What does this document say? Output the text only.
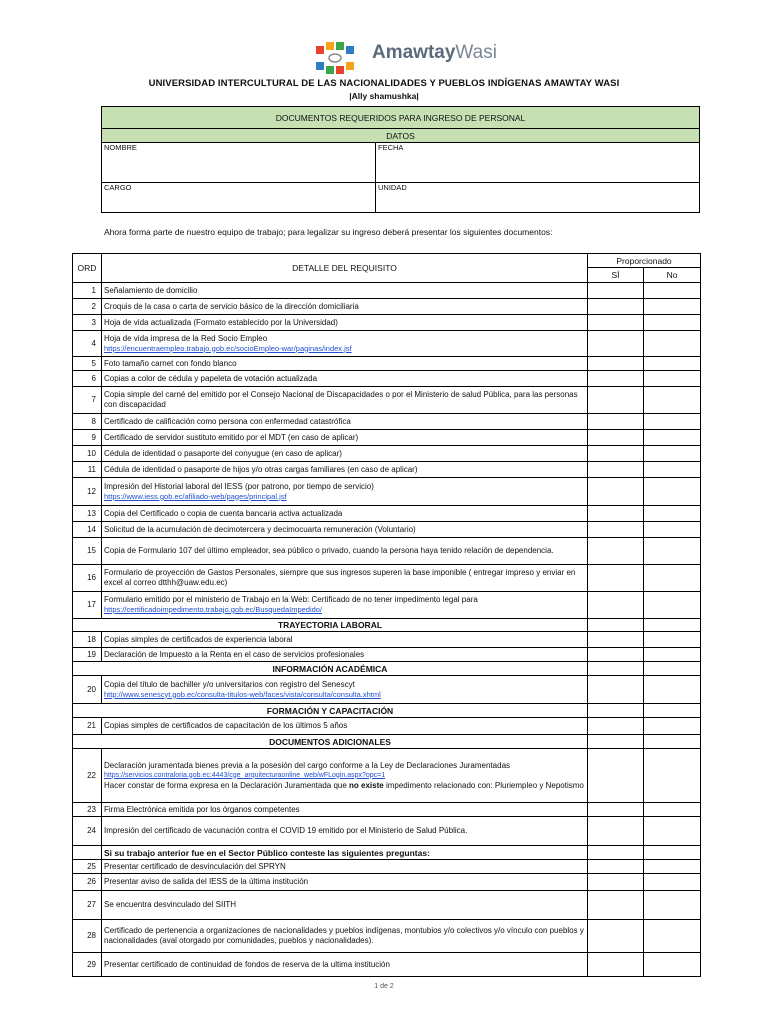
AmawtayWasi
UNIVERSIDAD INTERCULTURAL DE LAS NACIONALIDADES Y PUEBLOS INDÍGENAS AMAWTAY WASI
|Ally shamushka|
DOCUMENTOS REQUERIDOS PARA INGRESO DE PERSONAL	
DATOS	
NOMBRE	FECHA
CARGO	UNIDAD
Ahora forma parte de nuestro equipo de trabajo; para legalizar su ingreso deberá presentar los siguientes documentos:
ORD	DETALLE DEL REQUISITO	Proporcionado	
		SÍ	No
1	Señalamiento de domicilio		
2	Croquis de la casa o carta de servicio básico de la dirección domiciliaria		
3	Hoja de vida actualizada (Formato establecido por la Universidad)		
4	Hoja de vida impresa de la Red Socio Empleo
https://encuentraempleo.trabajo.gob.ec/socioEmpleo-war/paginas/index.jsf		

5	Foto tamaño carnet con fondo blanco		
6	Copias a color de cédula y papeleta de votación actualizada		
7	Copia simple del carné del emitido por el Consejo Nacional de Discapacidades o por el Ministerio de salud Pública, para las personas con discapacidad		
8	Certificado de calificación como persona con enfermedad catastrófica		
9	Certificado de servidor sustituto emitido por el MDT (en caso de aplicar)		
10	Cédula de identidad o pasaporte del conyugue (en caso de aplicar)		
11	Cédula de identidad o pasaporte de hijos y/o otras cargas familiares (en caso de aplicar)		
12	Impresión del Historial laboral del IESS (por patrono, por tiempo de servicio)
https://www.iess.gob.ec/afiliado-web/pages/principal.jsf		

13	Copia del Certificado o copia de cuenta bancaria activa actualizada		
14	Solicitud de la acumulación de decimotercera y decimocuarta remuneración (Voluntario)		
15	Copia de Formulario 107 del último empleador, sea público o privado, cuando la persona haya tenido relación de dependencia.		
16	Formulario de proyección de Gastos Personales, siempre que sus ingresos superen la base imponible ( entregar impreso y enviar en excel al correo dtthh@uaw.edu.ec)		
17	Formulario emitido por el ministerio de Trabajo en la Web: Certificado de no tener impedimento legal para
https://certificadoimpedimento.trabajo.gob.ec/BusquedaImpedido/		

TRAYECTORIA LABORAL			
18	Copias simples de certificados de experiencia laboral		
19	Declaración de Impuesto a la Renta en el caso de servicios profesionales		
INFORMACIÓN ACADÉMICA			
20	Copia del título de bachiller y/o universitarios con registro del Senescyt
http://www.senescyt.gob.ec/consulta-titulos-web/faces/vista/consulta/consulta.xhtml		

FORMACIÓN Y CAPACITACIÓN			
21	Copias simples de certificados de capacitación de los últimos 5 años		
DOCUMENTOS ADICIONALES			
22	Declaración juramentada bienes previa a la posesión del cargo conforme a la Ley de Declaraciones Juramentadas
https://servicios.contraloria.gob.ec:4443/cge_arquitecturaonline_web/wFLogin.aspx?opc=1
Hacer constar de forma expresa en la Declaración Juramentada que no existe impedimento relacionado con: Pluriempleo y Nepotismo		

23	Firma Electrónica emitida por los órganos competentes		
24	Impresión del certificado de vacunación contra el COVID 19 emitido por el Ministerio de Salud Pública.		
	Si su trabajo anterior fue en el Sector Público conteste las siguientes preguntas:		
25	Presentar certificado de desvinculación del SPRYN		
26	Presentar aviso de salida del IESS de la última institución		
27	Se encuentra desvinculado del SIITH		
28	Certificado de pertenencia a organizaciones de nacionalidades y pueblos indígenas, montubios y/o colectivos y/o vínculo con pueblos y nacionalidades (aval otorgado por comunidades, pueblos y nacionalidades).		
29	Presentar certificado de continuidad de fondos de reserva de la ultima institución		
1 de 2
